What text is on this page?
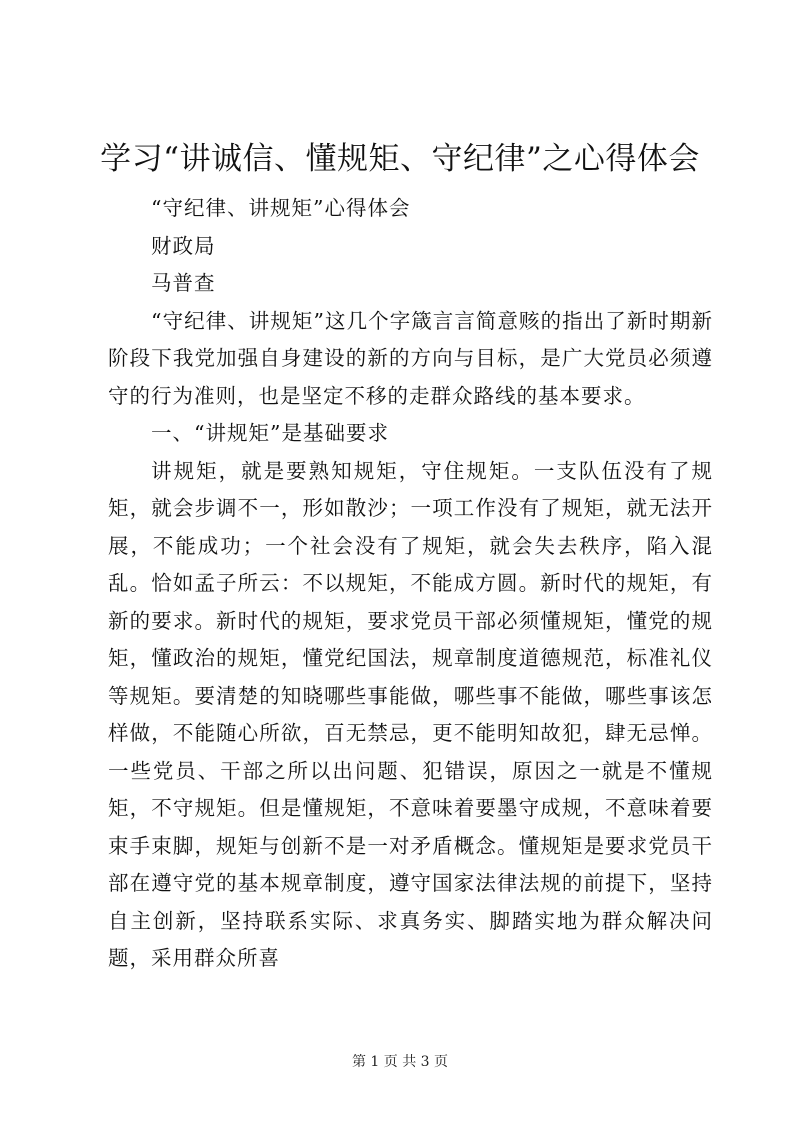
学习“讲诚信、懂规矩、守纪律”之心得体会

“守纪律、讲规矩”心得体会

财政局

马普查

“守纪律、讲规矩”这几个字箴言言简意赅的指出了新时期新阶段下我党加强自身建设的新的方向与目标，是广大党员必须遵守的行为准则，也是坚定不移的走群众路线的基本要求。

一、“讲规矩”是基础要求

讲规矩，就是要熟知规矩，守住规矩。一支队伍没有了规矩，就会步调不一，形如散沙；一项工作没有了规矩，就无法开展，不能成功；一个社会没有了规矩，就会失去秩序，陷入混乱。恰如孟子所云：不以规矩，不能成方圆。新时代的规矩，有新的要求。新时代的规矩，要求党员干部必须懂规矩，懂党的规矩，懂政治的规矩，懂党纪国法，规章制度道德规范，标准礼仪等规矩。要清楚的知晓哪些事能做，哪些事不能做，哪些事该怎样做，不能随心所欲，百无禁忌，更不能明知故犯，肆无忌惮。一些党员、干部之所以出问题、犯错误，原因之一就是不懂规矩，不守规矩。但是懂规矩，不意味着要墨守成规，不意味着要束手束脚，规矩与创新不是一对矛盾概念。懂规矩是要求党员干部在遵守党的基本规章制度，遵守国家法律法规的前提下，坚持自主创新，坚持联系实际、求真务实、脚踏实地为群众解决问题，采用群众所喜

第 1 页 共 3 页
